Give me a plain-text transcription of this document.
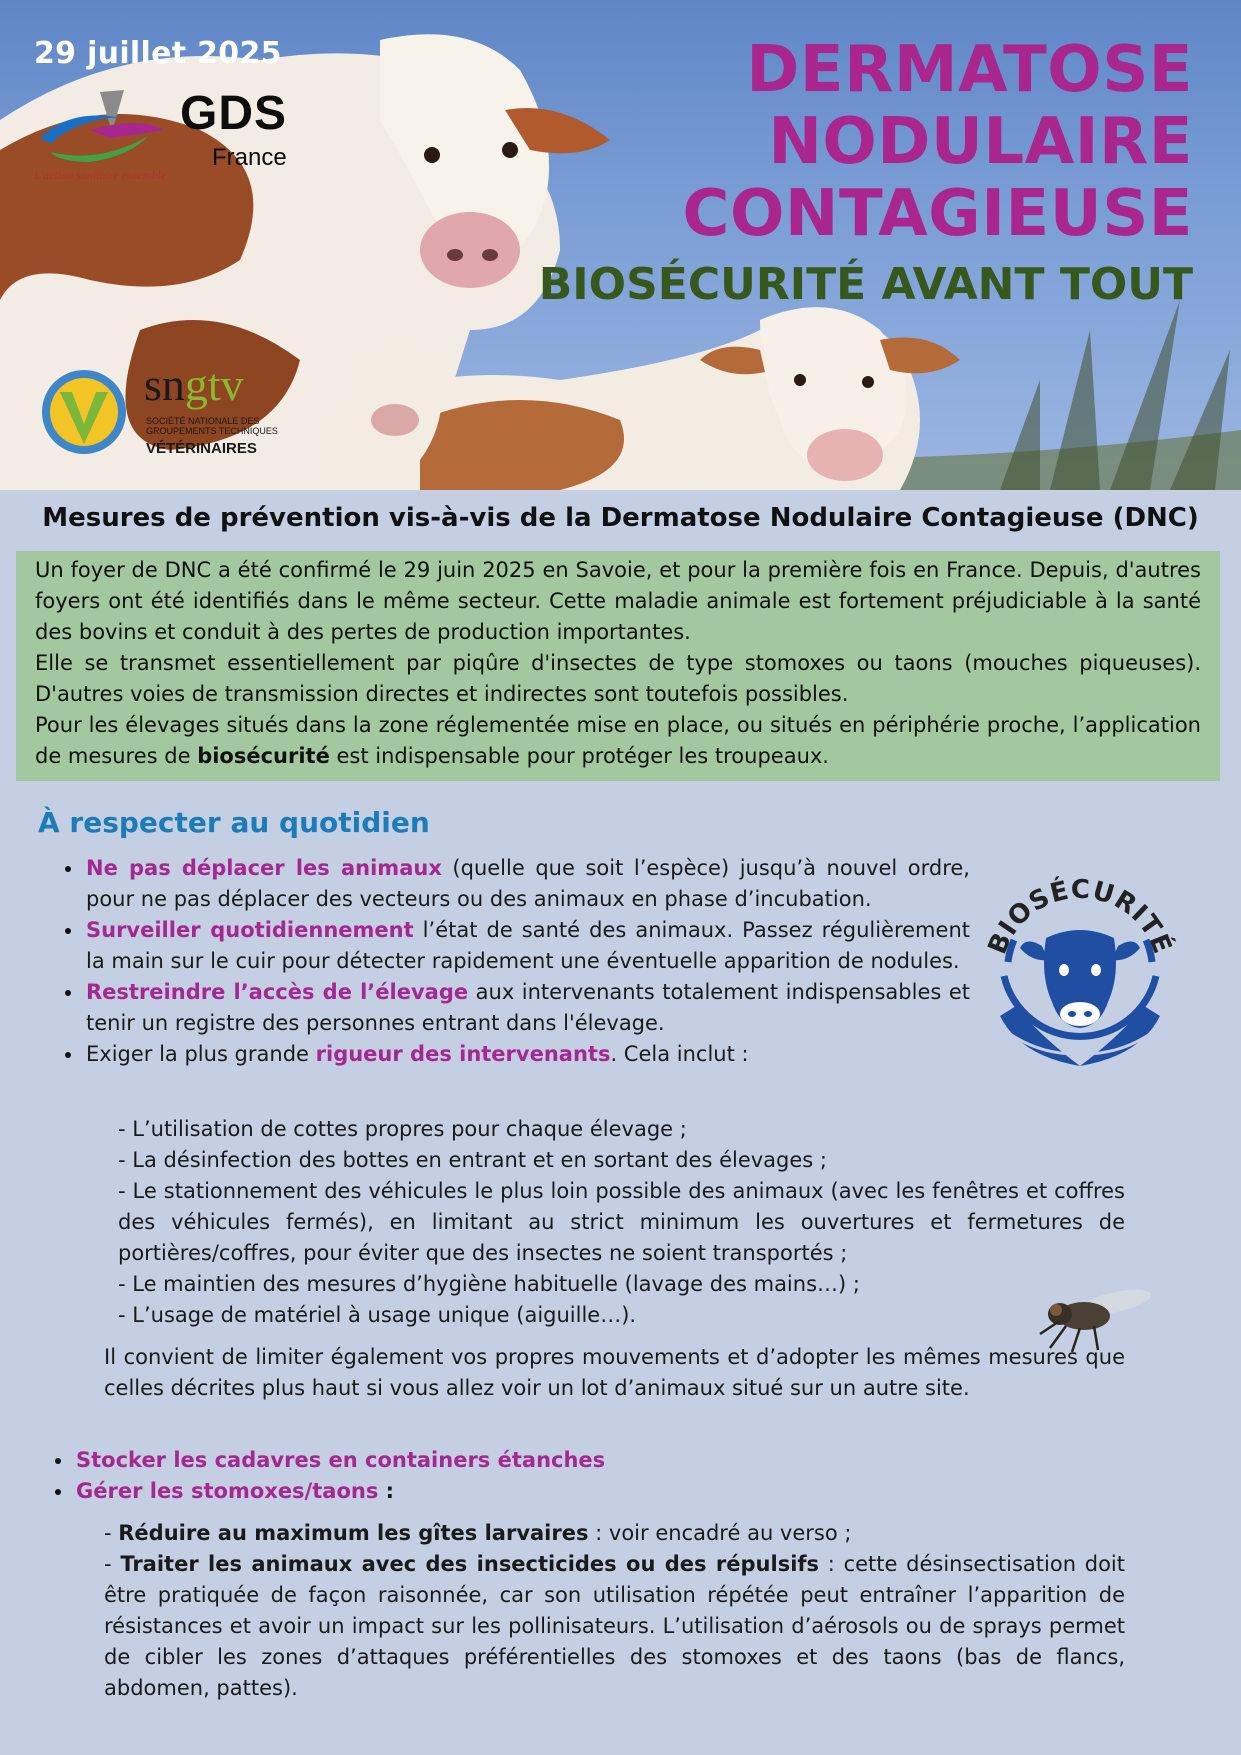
29 juillet 2025	DERMATOSE
NODULAIRE
CONTAGIEUSE
BIOSÉCURITÉ AVANT TOUT
GDS
France
L'action sanitaire ensemble
sngtv
SOCIÉTÉ NATIONALE DES
GROUPEMENTS TECHNIQUES
VÉTÉRINAIRES
Mesures de prévention vis-à-vis de la Dermatose Nodulaire Contagieuse (DNC)

Un foyer de DNC a été confirmé le 29 juin 2025 en Savoie, et pour la première fois en France. Depuis, d'autres foyers ont été identifiés dans le même secteur. Cette maladie animale est fortement préjudiciable à la santé des bovins et conduit à des pertes de production importantes.

Elle se transmet essentiellement par piqûre d'insectes de type stomoxes ou taons (mouches piqueuses). D'autres voies de transmission directes et indirectes sont toutefois possibles.

Pour les élevages situés dans la zone réglementée mise en place, ou situés en périphérie proche, l’application de mesures de biosécurité est indispensable pour protéger les troupeaux.

À respecter au quotidien

Ne pas déplacer les animaux (quelle que soit l’espèce) jusqu’à nouvel ordre, pour ne pas déplacer des vecteurs ou des animaux en phase d’incubation.

Surveiller quotidiennement l’état de santé des animaux. Passez régulièrement la main sur le cuir pour détecter rapidement une éventuelle apparition de nodules.

Restreindre l’accès de l’élevage aux intervenants totalement indispensables et tenir un registre des personnes entrant dans l'élevage.

Exiger la plus grande rigueur des intervenants. Cela inclut :

BIOSÉCURITÉ

- L’utilisation de cottes propres pour chaque élevage ;

- La désinfection des bottes en entrant et en sortant des élevages ;

- Le stationnement des véhicules le plus loin possible des animaux (avec les fenêtres et coffres des véhicules fermés), en limitant au strict minimum les ouvertures et fermetures de portières/coffres, pour éviter que des insectes ne soient transportés ;

- Le maintien des mesures d’hygiène habituelle (lavage des mains…) ;

- L’usage de matériel à usage unique (aiguille…).

Il convient de limiter également vos propres mouvements et d’adopter les mêmes mesures que celles décrites plus haut si vous allez voir un lot d’animaux situé sur un autre site.

Stocker les cadavres en containers étanches

Gérer les stomoxes/taons :

- Réduire au maximum les gîtes larvaires : voir encadré au verso ;

- Traiter les animaux avec des insecticides ou des répulsifs : cette désinsectisation doit être pratiquée de façon raisonnée, car son utilisation répétée peut entraîner l’apparition de résistances et avoir un impact sur les pollinisateurs. L’utilisation d’aérosols ou de sprays permet de cibler les zones d’attaques préférentielles des stomoxes et des taons (bas de flancs, abdomen, pattes).
